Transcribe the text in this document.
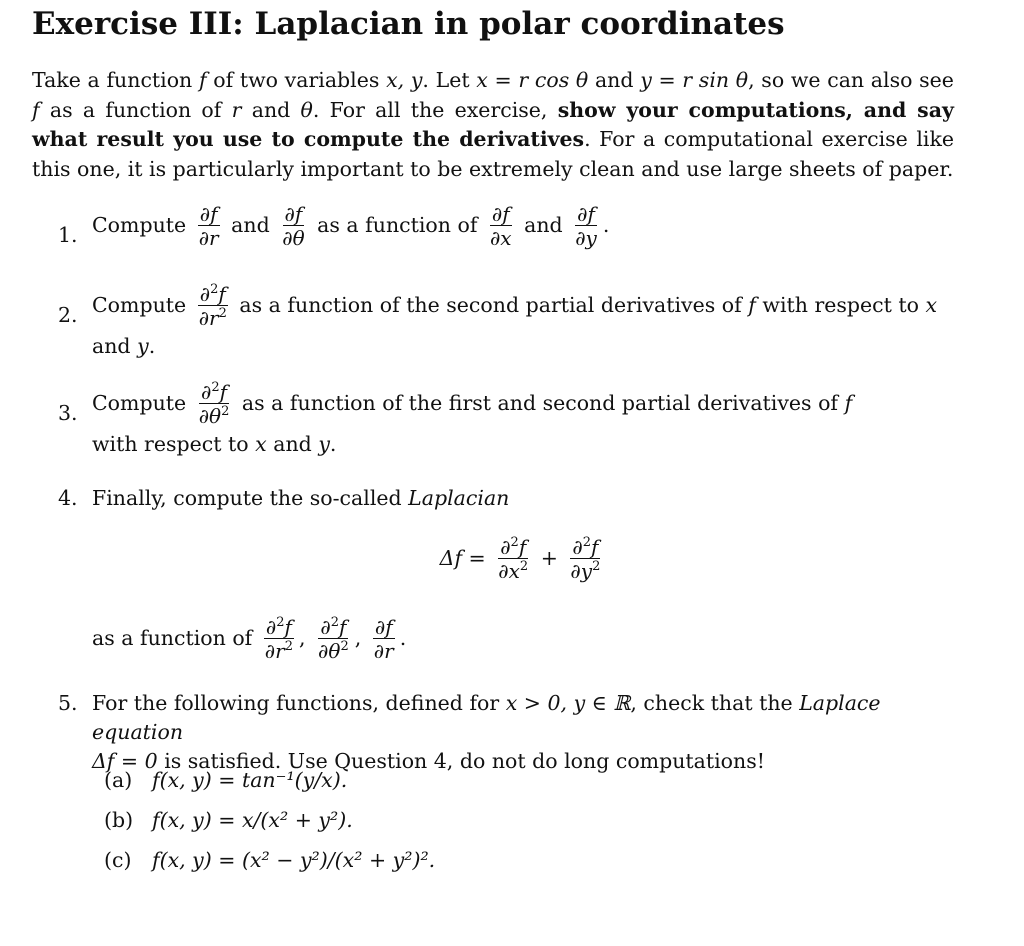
Exercise III: Laplacian in polar coordinates
Take a function f of two variables x, y. Let x = r cos θ and y = r sin θ, so we can also see f as a function of r and θ. For all the exercise, show your computations, and say what result you use to compute the derivatives. For a computational exercise like this one, it is particularly important to be extremely clean and use large sheets of paper.
1. Compute $\frac{\partial f}{\partial r}$ and $\frac{\partial f}{\partial\theta}$ as a function of $\frac{\partial f}{\partial x}$ and $\frac{\partial f}{\partial y}$ .
2. Compute $\frac{\partial^2f}{\partial r^2}$ as a function of the second partial derivatives of f with respect to x
and y.
3. Compute $\frac{\partial^2f}{\partial\theta^2}$ as a function of the first and second partial derivatives of f
with respect to x and y.
4. Finally, compute the so-called Laplacian
$\Delta f = \frac{\partial^2f}{\partial x^2} + \frac{\partial^2f}{\partial y^2}$
as a function of $\frac{\partial^2f}{\partial r^2}$ , $\frac{\partial^2f}{\partial\theta^2}$ , $\frac{\partial f}{\partial r}$ .
5. For the following functions, defined for x > 0, y ∈ ℝ, check that the Laplace equation
Δf = 0 is satisfied. Use Question 4, do not do long computations!
(a) f(x, y) = tan⁻¹(y/x).
(b) f(x, y) = x/(x² + y²).
(c) f(x, y) = (x² − y²)/(x² + y²)².
